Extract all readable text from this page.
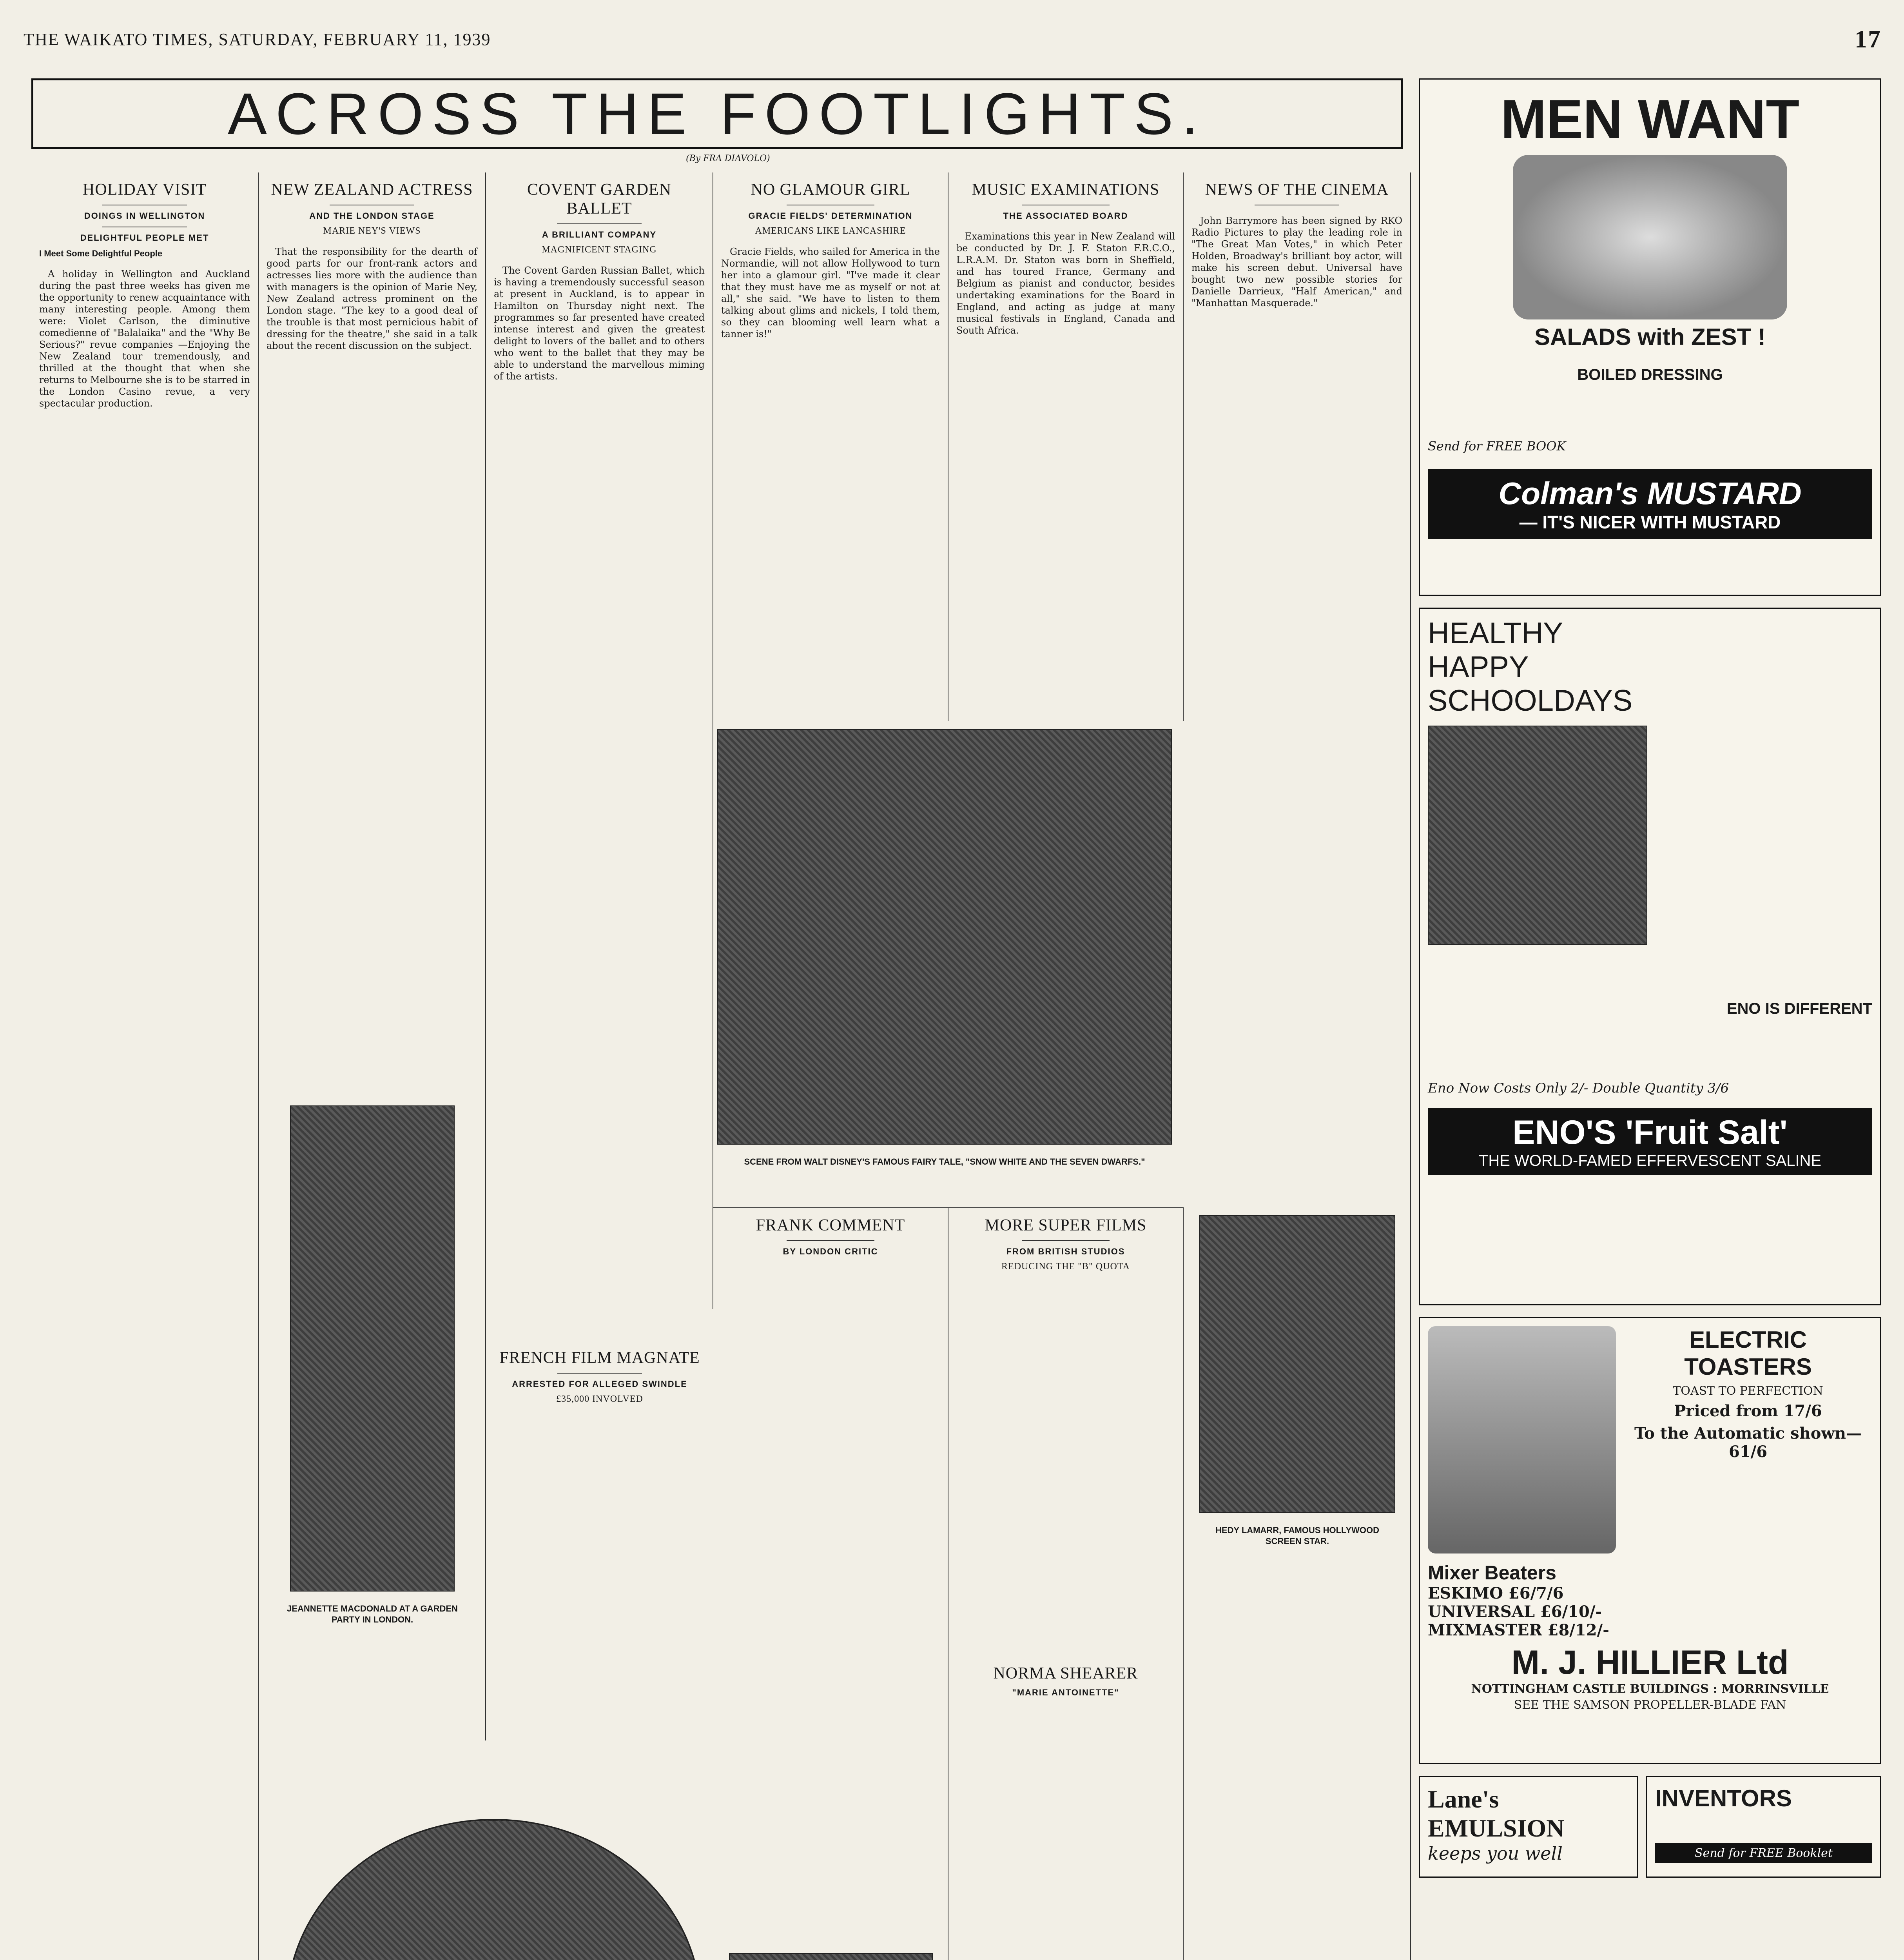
THE WAIKATO TIMES, SATURDAY, FEBRUARY 11, 1939	17
ACROSS THE FOOTLIGHTS.
(By FRA DIAVOLO)
HOLIDAY VISIT
DOINGS IN WELLINGTON
DELIGHTFUL PEOPLE MET
I Meet Some Delightful People

A holiday in Wellington and Auckland during the past three weeks has given me the opportunity to renew acquaintance with many interesting people. Among them were: Violet Carlson, the diminutive comedienne of "Balalaika" and the "Why Be Serious?" revue companies —Enjoying the New Zealand tour tremendously, and thrilled at the thought that when she returns to Melbourne she is to be starred in the London Casino revue, a very spectacular production.

NEW ZEALAND ACTRESS
AND THE LONDON STAGE
MARIE NEY'S VIEWS

That the responsibility for the dearth of good parts for our front-rank actors and actresses lies more with the audience than with managers is the opinion of Marie Ney, New Zealand actress prominent on the London stage. "The key to a good deal of the trouble is that most pernicious habit of dressing for the theatre," she said in a talk about the recent discussion on the subject.

JEANNETTE MACDONALD AT A GARDEN PARTY IN LONDON.
COVENT GARDEN BALLET
A BRILLIANT COMPANY
MAGNIFICENT STAGING

The Covent Garden Russian Ballet, which is having a tremendously successful season at present in Auckland, is to appear in Hamilton on Thursday night next. The programmes so far presented have created intense interest and given the greatest delight to lovers of the ballet and to others who went to the ballet that they may be able to understand the marvellous miming of the artists.

NO GLAMOUR GIRL
GRACIE FIELDS' DETERMINATION
AMERICANS LIKE LANCASHIRE

Gracie Fields, who sailed for America in the Normandie, will not allow Hollywood to turn her into a glamour girl. "I've made it clear that they must have me as myself or not at all," she said. "We have to listen to them talking about glims and nickels, I told them, so they can blooming well learn what a tanner is!"

MUSIC EXAMINATIONS
THE ASSOCIATED BOARD

Examinations this year in New Zealand will be conducted by Dr. J. F. Staton F.R.C.O., L.R.A.M. Dr. Staton was born in Sheffield, and has toured France, Germany and Belgium as pianist and conductor, besides undertaking examinations for the Board in England, and acting as judge at many musical festivals in England, Canada and South Africa.

NEWS OF THE CINEMA

John Barrymore has been signed by RKO Radio Pictures to play the leading role in "The Great Man Votes," in which Peter Holden, Broadway's brilliant boy actor, will make his screen debut. Universal have bought two new possible stories for Danielle Darrieux, "Half American," and "Manhattan Masquerade."

HEDY LAMARR, FAMOUS HOLLYWOOD SCREEN STAR.
SCENE FROM WALT DISNEY'S FAMOUS FAIRY TALE, "SNOW WHITE AND THE SEVEN DWARFS."
FRANK COMMENT
BY LONDON CRITIC
FRENCH FILM MAGNATE
ARRESTED FOR ALLEGED SWINDLE
£35,000 INVOLVED
MORE SUPER FILMS
FROM BRITISH STUDIOS
REDUCING THE "B" QUOTA
NORMA SHEARER
"MARIE ANTOINETTE"
MEN WANT
SALADS with ZEST !
BOILED DRESSING
Send for FREE BOOK
Colman's MUSTARD
— IT'S NICER WITH MUSTARD
HEALTHY HAPPY SCHOOLDAYS
ENO IS DIFFERENT
Eno Now Costs Only 2/- Double Quantity 3/6
ENO'S 'Fruit Salt'
THE WORLD-FAMED EFFERVESCENT SALINE
ELECTRIC TOASTERS
TOAST TO PERFECTION
Priced from 17/6
To the Automatic shown— 61/6
Mixer Beaters
ESKIMO £6/7/6
UNIVERSAL £6/10/-
MIXMASTER £8/12/-
M. J. HILLIER Ltd
NOTTINGHAM CASTLE BUILDINGS : MORRINSVILLE
SEE THE SAMSON PROPELLER-BLADE FAN
Lane's EMULSION
keeps you well
INVENTORS
Send for FREE Booklet
